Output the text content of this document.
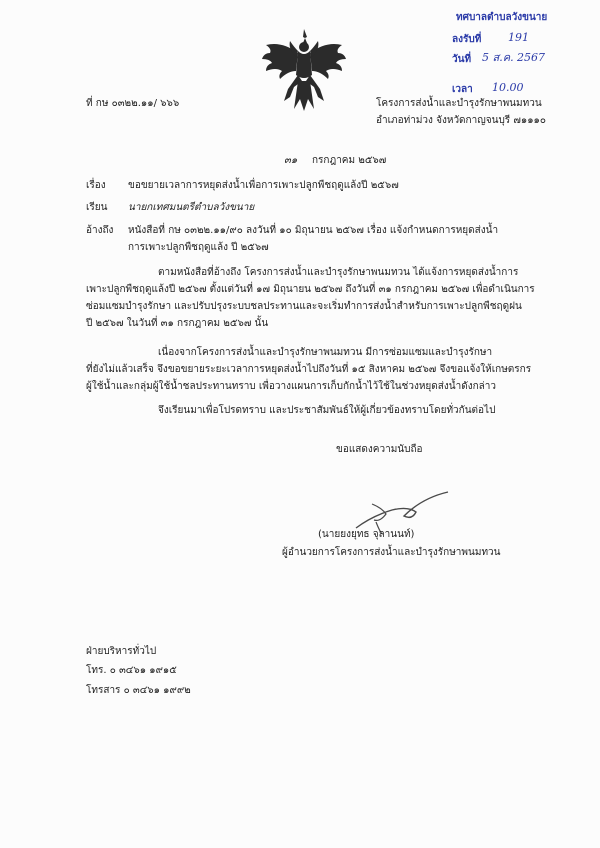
ทศบาลตำบลวังขนาย
ลงรับที่ 191
วันที่ 5 ส.ค. 2567
เวลา 10.00
ที่ กษ ๐๓๒๒.๑๑/ ๖๖๖	โครงการส่งน้ำและบำรุงรักษาพนมทวน
อำเภอท่าม่วง จังหวัดกาญจนบุรี ๗๑๑๑๐
๓๑ กรกฎาคม ๒๕๖๗
เรื่อง ขอขยายเวลาการหยุดส่งน้ำเพื่อการเพาะปลูกพืชฤดูแล้งปี ๒๕๖๗
เรียน นายกเทศมนตรีตำบลวังขนาย
อ้างถึง หนังสือที่ กษ ๐๓๒๒.๑๑/๙๐ ลงวันที่ ๑๐ มิถุนายน ๒๕๖๗ เรื่อง แจ้งกำหนดการหยุดส่งน้ำ
การเพาะปลูกพืชฤดูแล้ง ปี ๒๕๖๗
ตามหนังสือที่อ้างถึง โครงการส่งน้ำและบำรุงรักษาพนมทวน ได้แจ้งการหยุดส่งน้ำการ
เพาะปลูกพืชฤดูแล้งปี ๒๕๖๗ ตั้งแต่วันที่ ๑๗ มิถุนายน ๒๕๖๗ ถึงวันที่ ๓๑ กรกฎาคม ๒๕๖๗ เพื่อดำเนินการ
ซ่อมแซมบำรุงรักษา และปรับปรุงระบบชลประทานและจะเริ่มทำการส่งน้ำสำหรับการเพาะปลูกพืชฤดูฝน
ปี ๒๕๖๗ ในวันที่ ๓๑ กรกฎาคม ๒๕๖๗ นั้น
เนื่องจากโครงการส่งน้ำและบำรุงรักษาพนมทวน มีการซ่อมแซมและบำรุงรักษา
ที่ยังไม่แล้วเสร็จ จึงขอขยายระยะเวลาการหยุดส่งน้ำไปถึงวันที่ ๑๕ สิงหาคม ๒๕๖๗ จึงขอแจ้งให้เกษตรกร
ผู้ใช้น้ำและกลุ่มผู้ใช้น้ำชลประทานทราบ เพื่อวางแผนการเก็บกักน้ำไว้ใช้ในช่วงหยุดส่งน้ำดังกล่าว
จึงเรียนมาเพื่อโปรดทราบ และประชาสัมพันธ์ให้ผู้เกี่ยวข้องทราบโดยทั่วกันต่อไป
ขอแสดงความนับถือ
(นายยงยุทธ จุลานนท์)
ผู้อำนวยการโครงการส่งน้ำและบำรุงรักษาพนมทวน
ฝ่ายบริหารทั่วไป
โทร. ๐ ๓๔๖๑ ๑๙๑๕
โทรสาร ๐ ๓๔๖๑ ๑๙๙๒
